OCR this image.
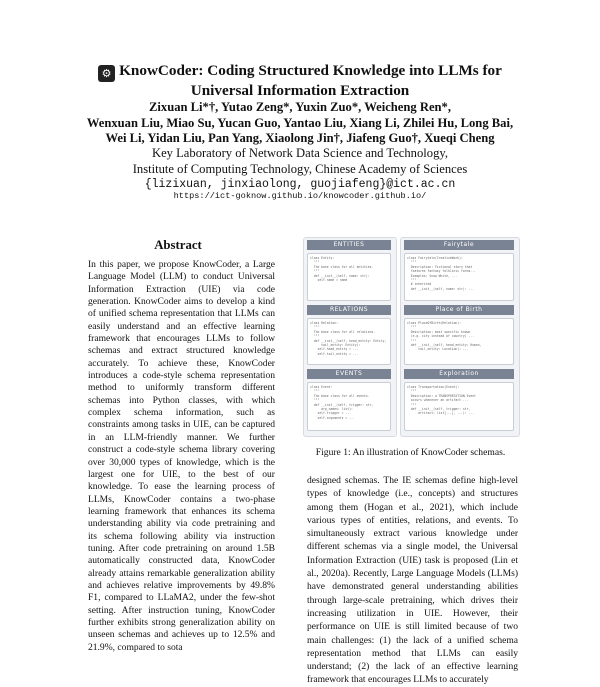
⚙ KnowCoder: Coding Structured Knowledge into LLMs for
Universal Information Extraction
Zixuan Li*†, Yutao Zeng*, Yuxin Zuo*, Weicheng Ren*,
Wenxuan Liu, Miao Su, Yucan Guo, Yantao Liu, Xiang Li, Zhilei Hu, Long Bai,
Wei Li, Yidan Liu, Pan Yang, Xiaolong Jin†, Jiafeng Guo†, Xueqi Cheng
Key Laboratory of Network Data Science and Technology,
Institute of Computing Technology, Chinese Academy of Sciences
{lizixuan, jinxiaolong, guojiafeng}@ict.ac.cn
https://ict-goknow.github.io/knowcoder.github.io/
Abstract
In this paper, we propose KnowCoder, a Large Language Model (LLM) to conduct Universal Information Extraction (UIE) via code generation. KnowCoder aims to develop a kind of unified schema representation that LLMs can easily understand and an effective learning framework that encourages LLMs to follow schemas and extract structured knowledge accurately. To achieve these, KnowCoder introduces a code-style schema representation method to uniformly transform different schemas into Python classes, with which complex schema information, such as constraints among tasks in UIE, can be captured in an LLM-friendly manner. We further construct a code-style schema library covering over 30,000 types of knowledge, which is the largest one for UIE, to the best of our knowledge. To ease the learning process of LLMs, KnowCoder contains a two-phase learning framework that enhances its schema understanding ability via code pretraining and its schema following ability via instruction tuning. After code pretraining on around 1.5B automatically constructed data, KnowCoder already attains remarkable generalization ability and achieves relative improvements by 49.8% F1, compared to LLaMA2, under the few-shot setting. After instruction tuning, KnowCoder further exhibits strong generalization ability on unseen schemas and achieves up to 12.5% and 21.9%, compared to sota
ENTITIES
RELATIONS
EVENTS
Fairytale
Place of Birth
Exploration
class Entity:
"""
The base class for all entities.
"""
def __init__(self, name: str):
self.name = name
class Relation:
"""
The base class for all relations.
"""
def __init__(self, head_entity: Entity,
tail_entity: Entity):
self.head_entity = ...
self.tail_entity = ...
class Event:
"""
The base class for all events.
"""
def __init__(self, trigger: str,
arg_names: list):
self.trigger = ...
self.arguments = ...
class Fairytale(CreativeWork):
"""
Description: Fictional story that
features fantasy folkloric forms...
Examples: Snow White, ...
"""
# inherited
def __init__(self, name: str): ...
class PlaceOfBirth(Relation):
"""
Description: most specific known
(e.g. city instead of country) ...
"""
def __init__(self, head_entity: Human,
tail_entity: Location): ...
class Transportation(Event):
"""
Description: a TRANSPORTATION Event
occurs whenever an artifact ...
"""
def __init__(self, trigger: str,
artifact: list[...], ...): ...
Figure 1: An illustration of KnowCoder schemas.
designed schemas. The IE schemas define high-level types of knowledge (i.e., concepts) and structures among them (Hogan et al., 2021), which include various types of entities, relations, and events. To simultaneously extract various knowledge under different schemas via a single model, the Universal Information Extraction (UIE) task is proposed (Lin et al., 2020a). Recently, Large Language Models (LLMs) have demonstrated general understanding abilities through large-scale pretraining, which drives their increasing utilization in UIE. However, their performance on UIE is still limited because of two main challenges: (1) the lack of a unified schema representation method that LLMs can easily understand; (2) the lack of an effective learning framework that encourages LLMs to accurately
